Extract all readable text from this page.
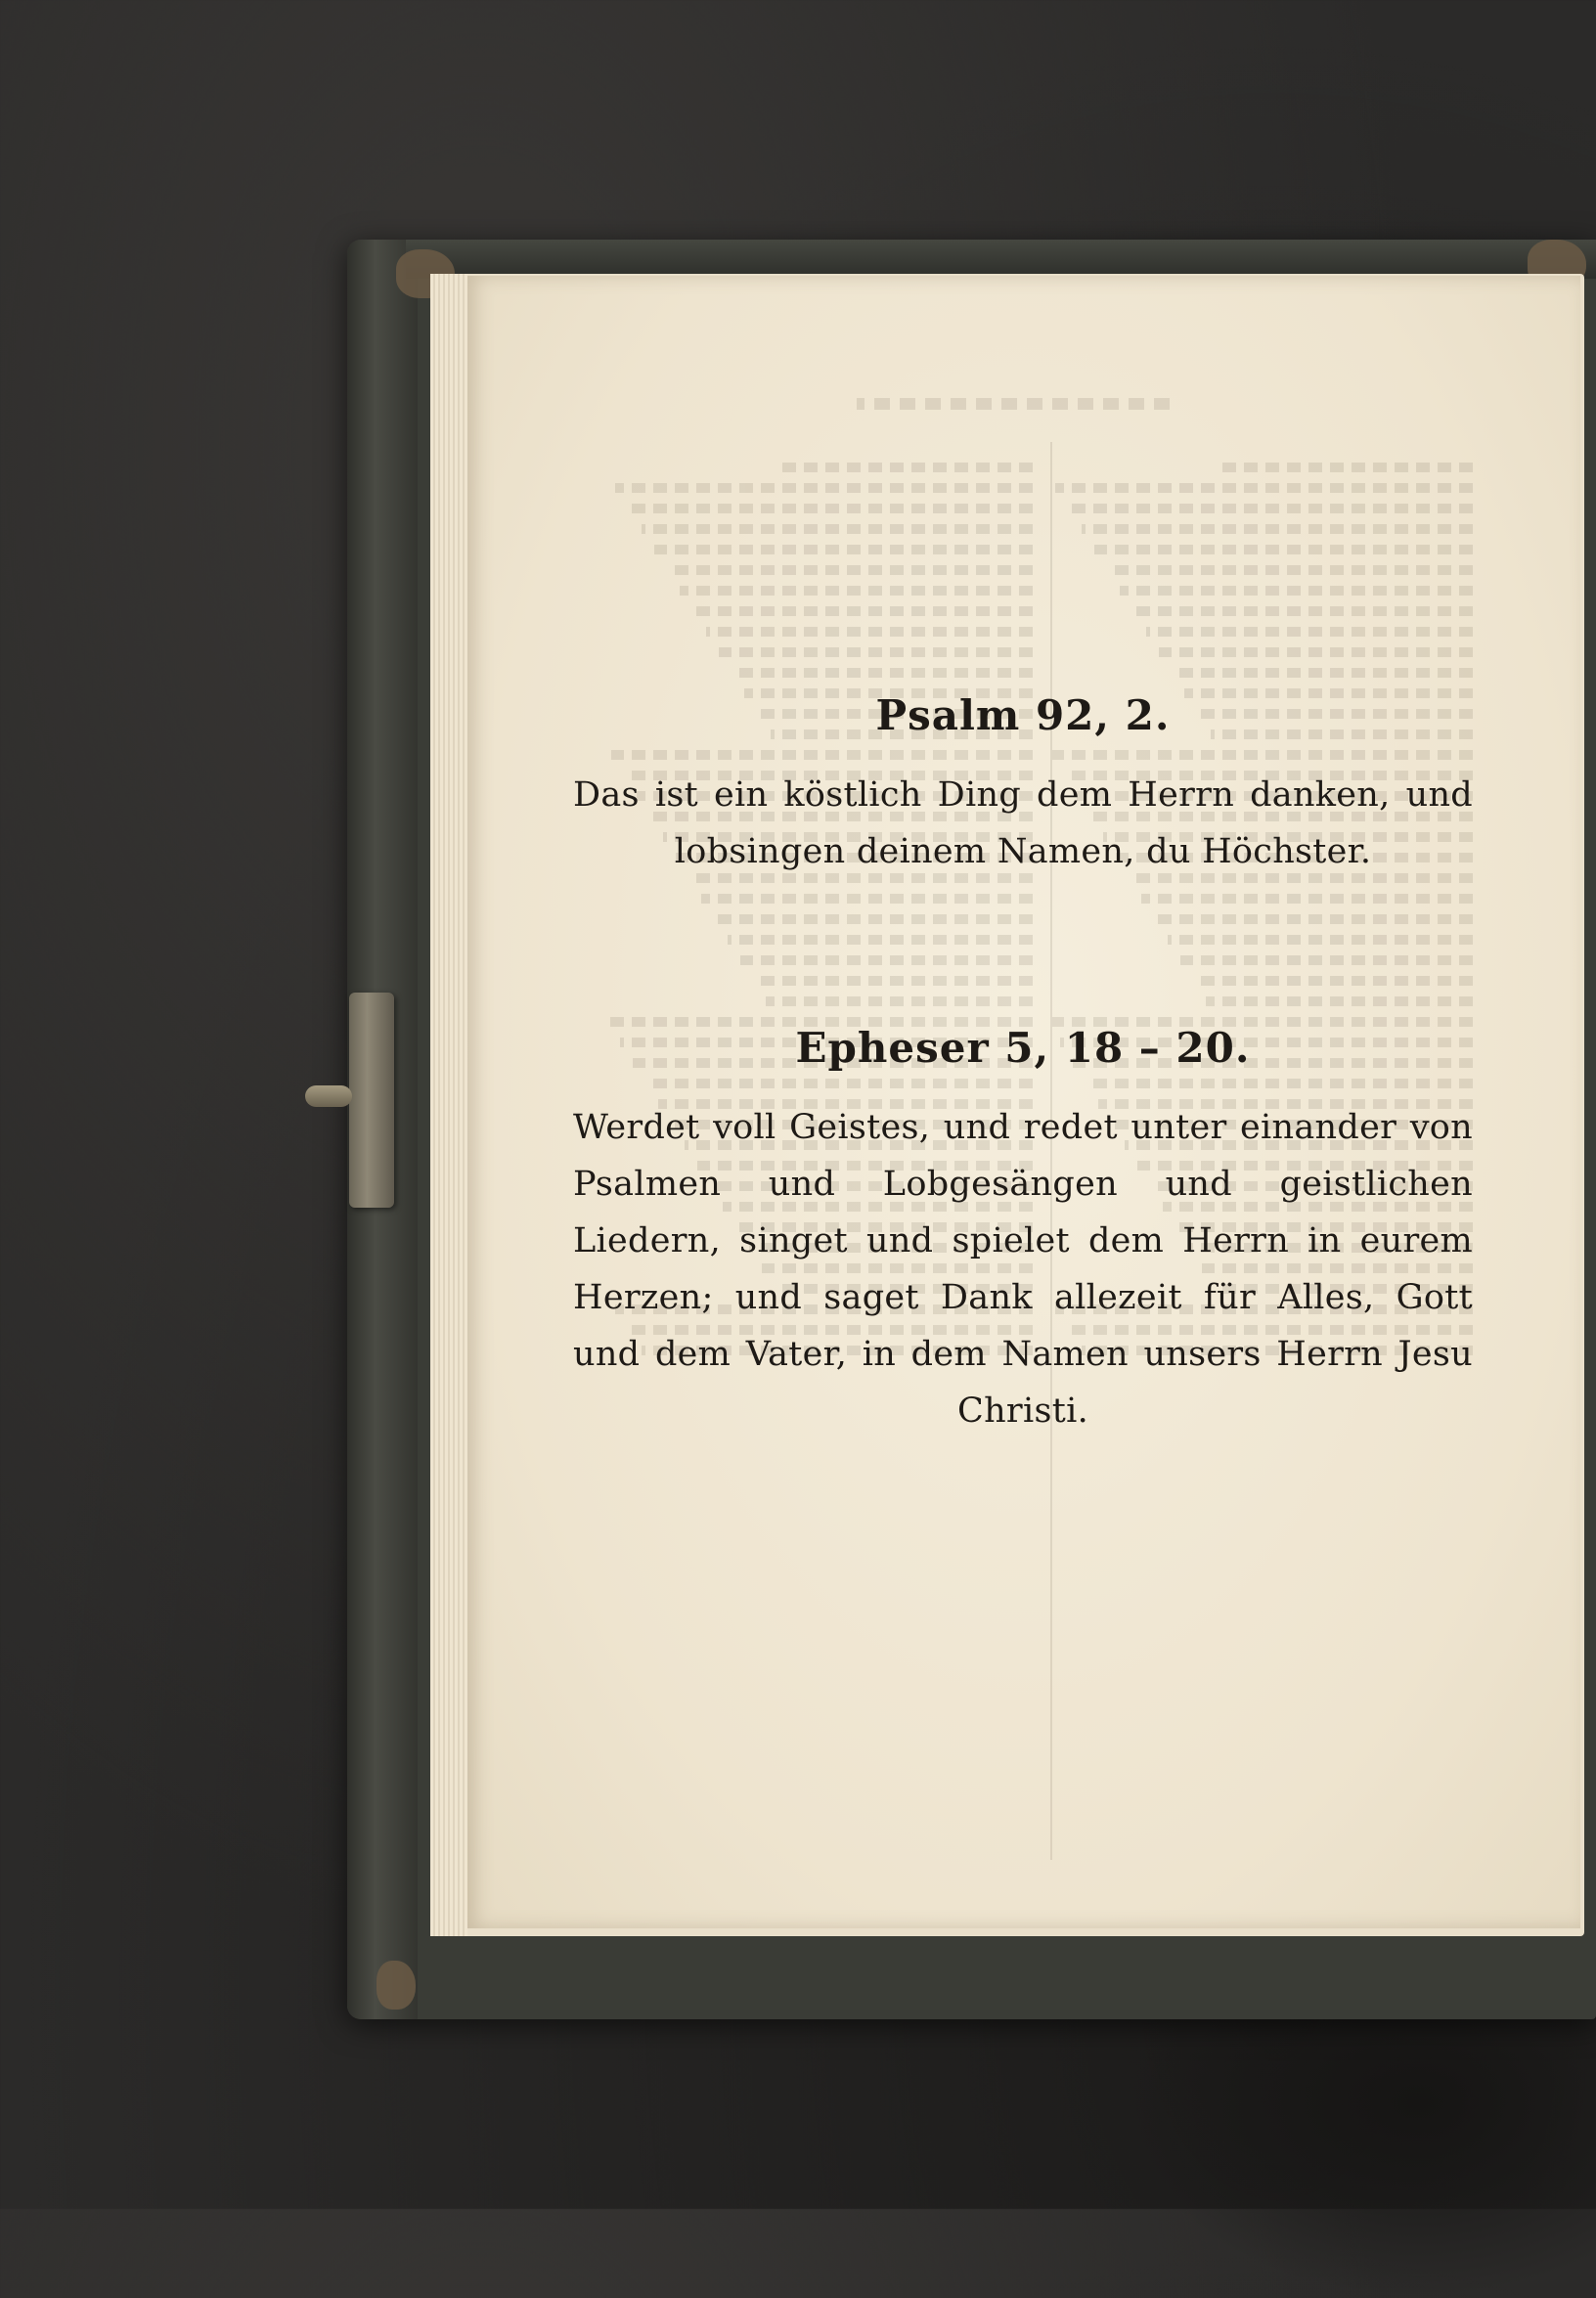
Psalm 92, 2.

Das ist ein köstlich Ding dem Herrn danken, und lobsingen deinem Namen, du Höchster.

Epheser 5, 18 – 20.

Werdet voll Geistes, und redet unter einander von Psalmen und Lobgesängen und geistlichen Liedern, singet und spielet dem Herrn in eurem Herzen; und saget Dank allezeit für Alles, Gott und dem Vater, in dem Namen unsers Herrn Jesu Christi.
